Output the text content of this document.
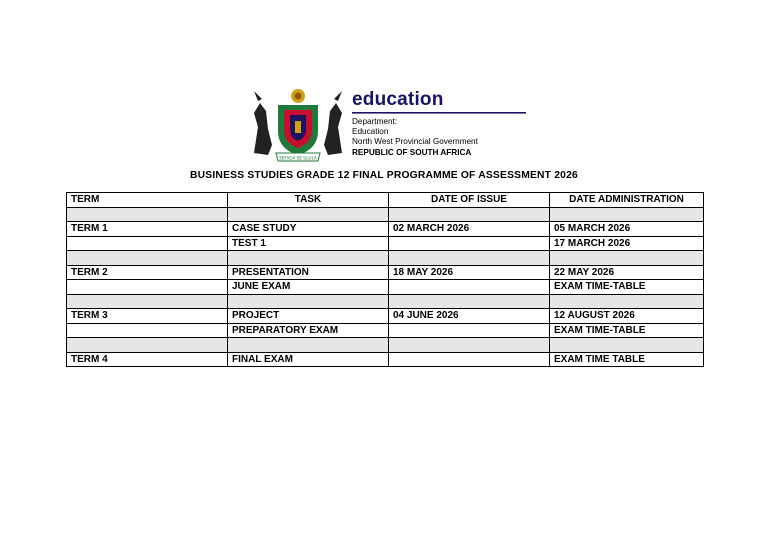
SEFAGA SE ULULA
education
Department:
Education
North West Provincial Government
REPUBLIC OF SOUTH AFRICA
BUSINESS STUDIES GRADE 12 FINAL PROGRAMME OF ASSESSMENT 2026
TERM	TASK	DATE OF ISSUE	DATE ADMINISTRATION

TERM 1	CASE STUDY	02 MARCH 2026	05 MARCH 2026
	TEST 1		17 MARCH 2026

TERM 2	PRESENTATION	18 MAY 2026	22 MAY 2026
	JUNE EXAM		EXAM TIME-TABLE

TERM 3	PROJECT	04 JUNE 2026	12 AUGUST 2026
	PREPARATORY EXAM		EXAM TIME-TABLE

TERM 4	FINAL EXAM		EXAM TIME TABLE
